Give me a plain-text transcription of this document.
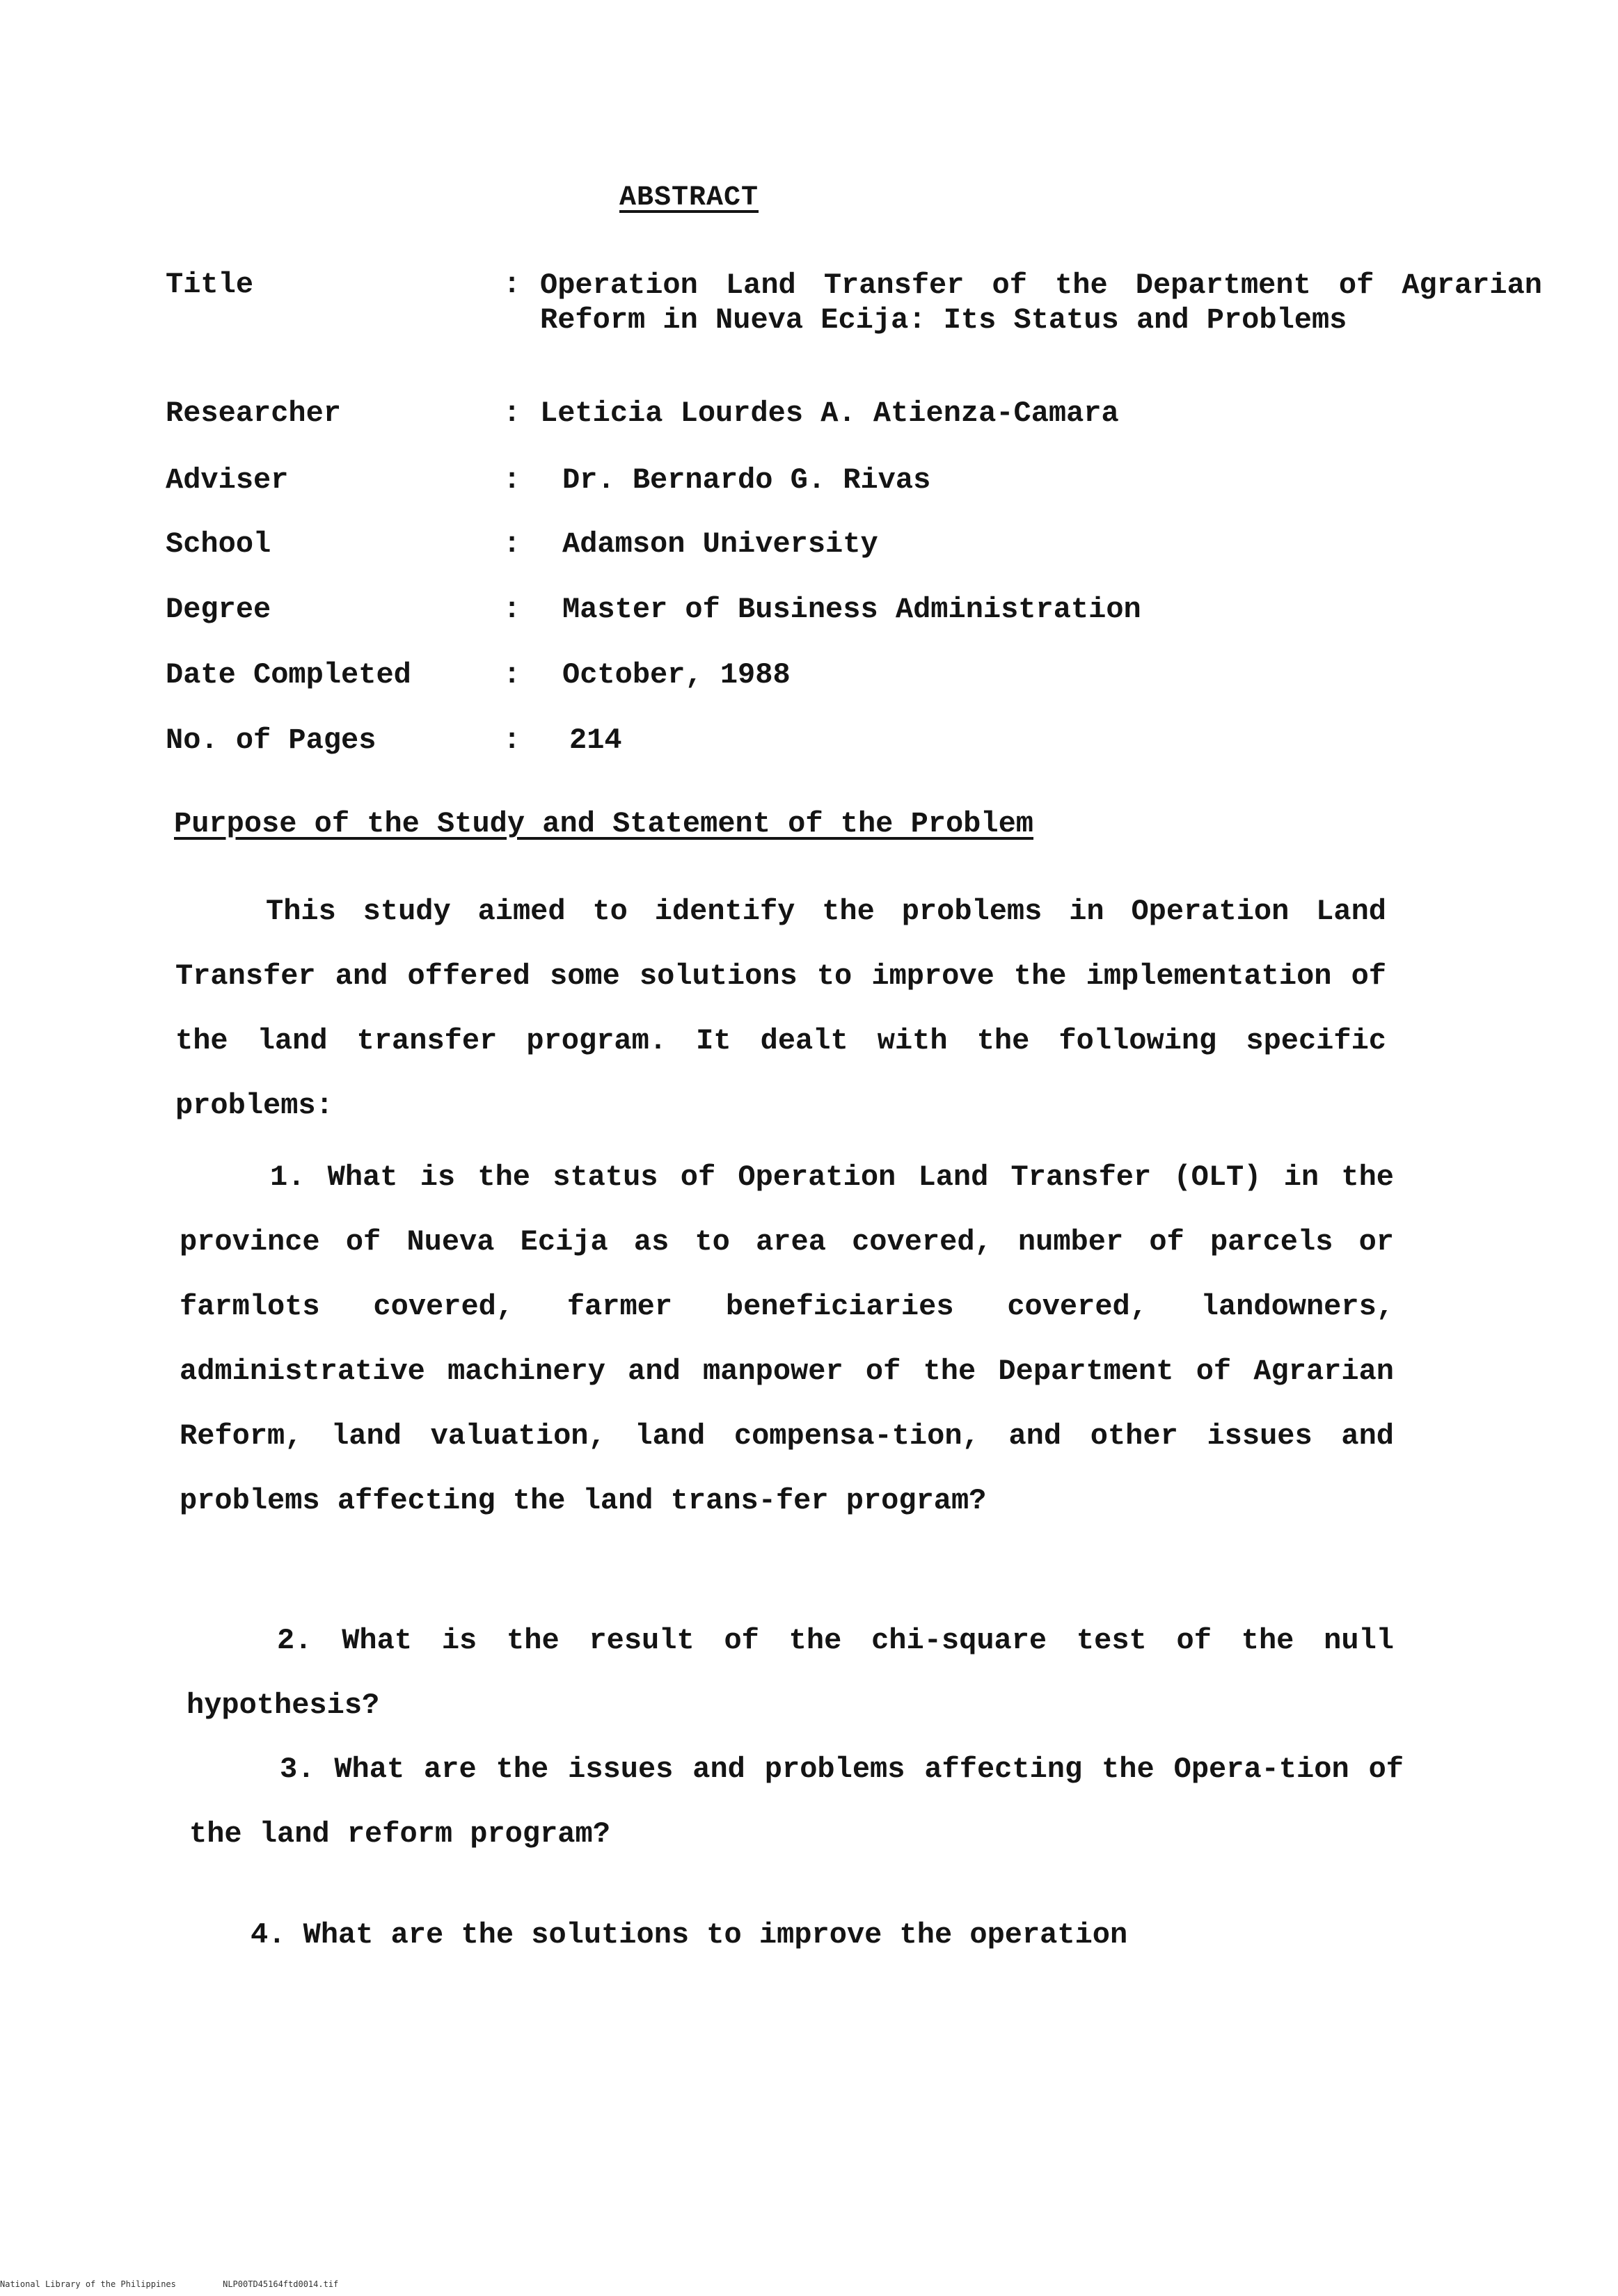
ABSTRACT
Title	: Operation Land Transfer of the Department of Agrarian Reform in Nueva Ecija: Its Status and Problems
Researcher	: Leticia Lourdes A. Atienza-Camara
Adviser	: Dr. Bernardo G. Rivas
School	: Adamson University
Degree	: Master of Business Administration
Date Completed	: October, 1988
No. of Pages	: 214
Purpose of the Study and Statement of the Problem

This study aimed to identify the problems in Operation Land Transfer and offered some solutions to improve the implementation of the land transfer program. It dealt with the following specific problems:

1. What is the status of Operation Land Transfer (OLT) in the province of Nueva Ecija as to area covered, number of parcels or farmlots covered, farmer beneficiaries covered, landowners, administrative machinery and manpower of the Department of Agrarian Reform, land valuation, land compensa-tion, and other issues and problems affecting the land trans-fer program?

2. What is the result of the chi-square test of the null hypothesis?

3. What are the issues and problems affecting the Opera-tion of the land reform program?

4. What are the solutions to improve the operation

National Library of the Philippines	NLP00TD45164ftd0014.tif
